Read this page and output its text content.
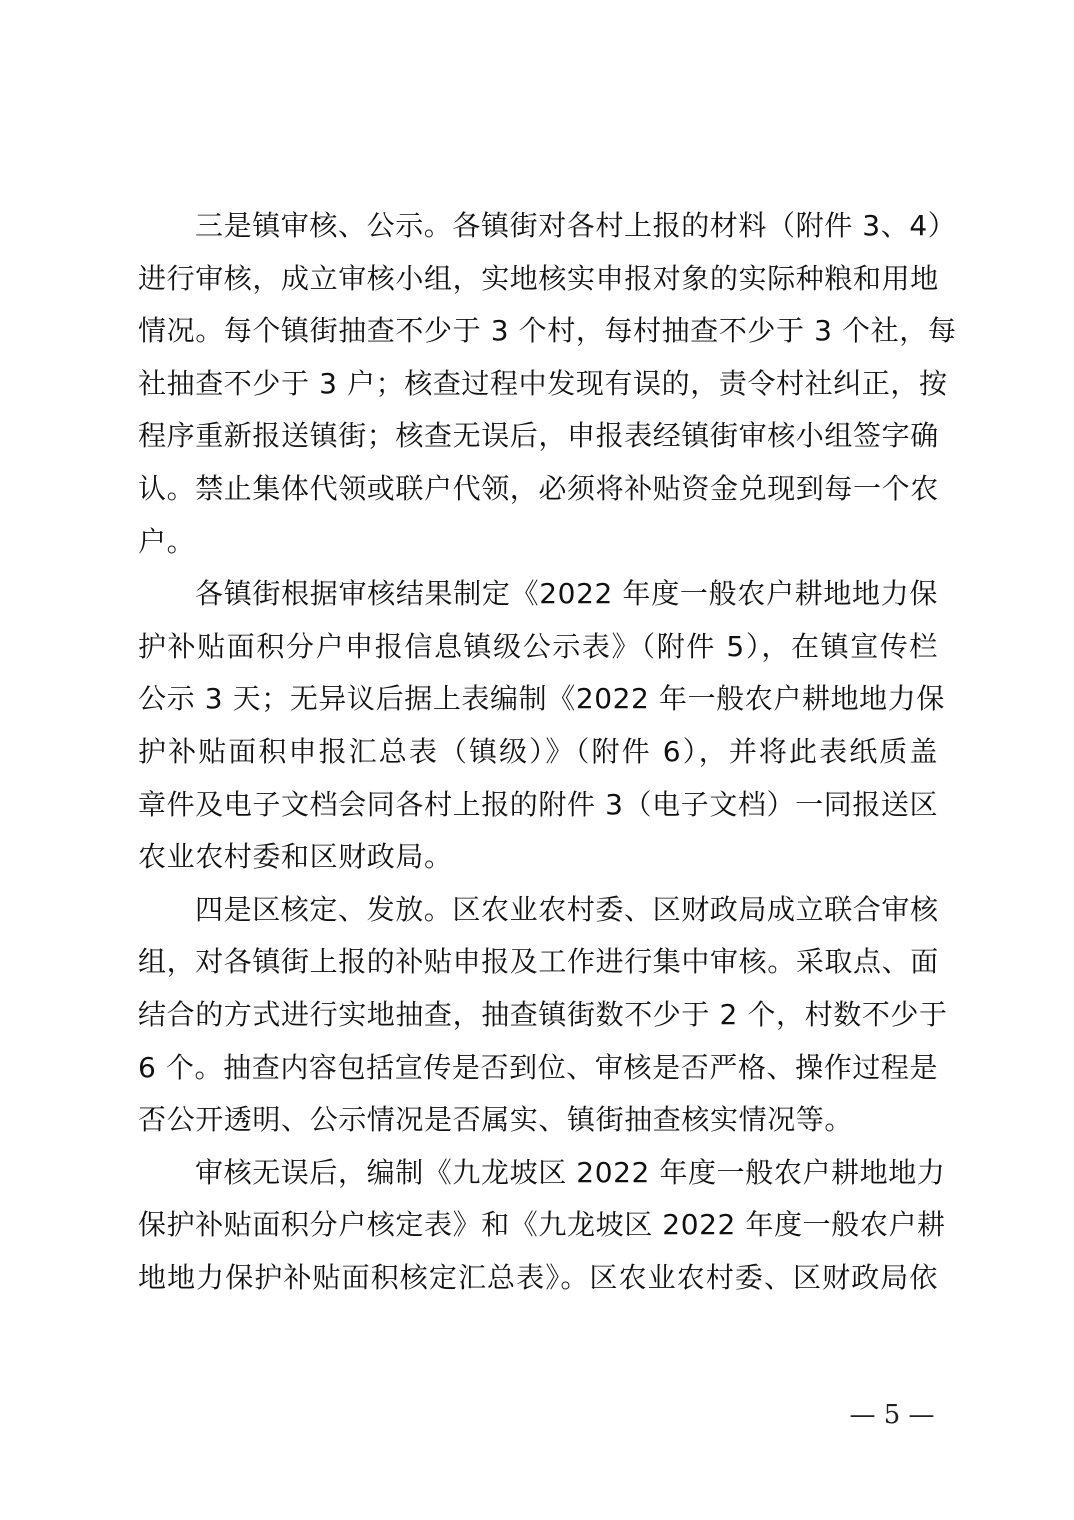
三是镇审核、公示。各镇街对各村上报的材料（附件 3、4）
进行审核，成立审核小组，实地核实申报对象的实际种粮和用地
情况。每个镇街抽查不少于 3 个村，每村抽查不少于 3 个社，每
社抽查不少于 3 户；核查过程中发现有误的，责令村社纠正，按
程序重新报送镇街；核查无误后，申报表经镇街审核小组签字确
认。禁止集体代领或联户代领，必须将补贴资金兑现到每一个农
户。

各镇街根据审核结果制定《2022 年度一般农户耕地地力保
护补贴面积分户申报信息镇级公示表》（附件 5），在镇宣传栏
公示 3 天；无异议后据上表编制《2022 年一般农户耕地地力保
护补贴面积申报汇总表（镇级）》（附件 6），并将此表纸质盖
章件及电子文档会同各村上报的附件 3（电子文档）一同报送区
农业农村委和区财政局。

四是区核定、发放。区农业农村委、区财政局成立联合审核
组，对各镇街上报的补贴申报及工作进行集中审核。采取点、面
结合的方式进行实地抽查，抽查镇街数不少于 2 个，村数不少于
6 个。抽查内容包括宣传是否到位、审核是否严格、操作过程是
否公开透明、公示情况是否属实、镇街抽查核实情况等。

审核无误后，编制《九龙坡区 2022 年度一般农户耕地地力
保护补贴面积分户核定表》和《九龙坡区 2022 年度一般农户耕
地地力保护补贴面积核定汇总表》。区农业农村委、区财政局依

— 5 —
